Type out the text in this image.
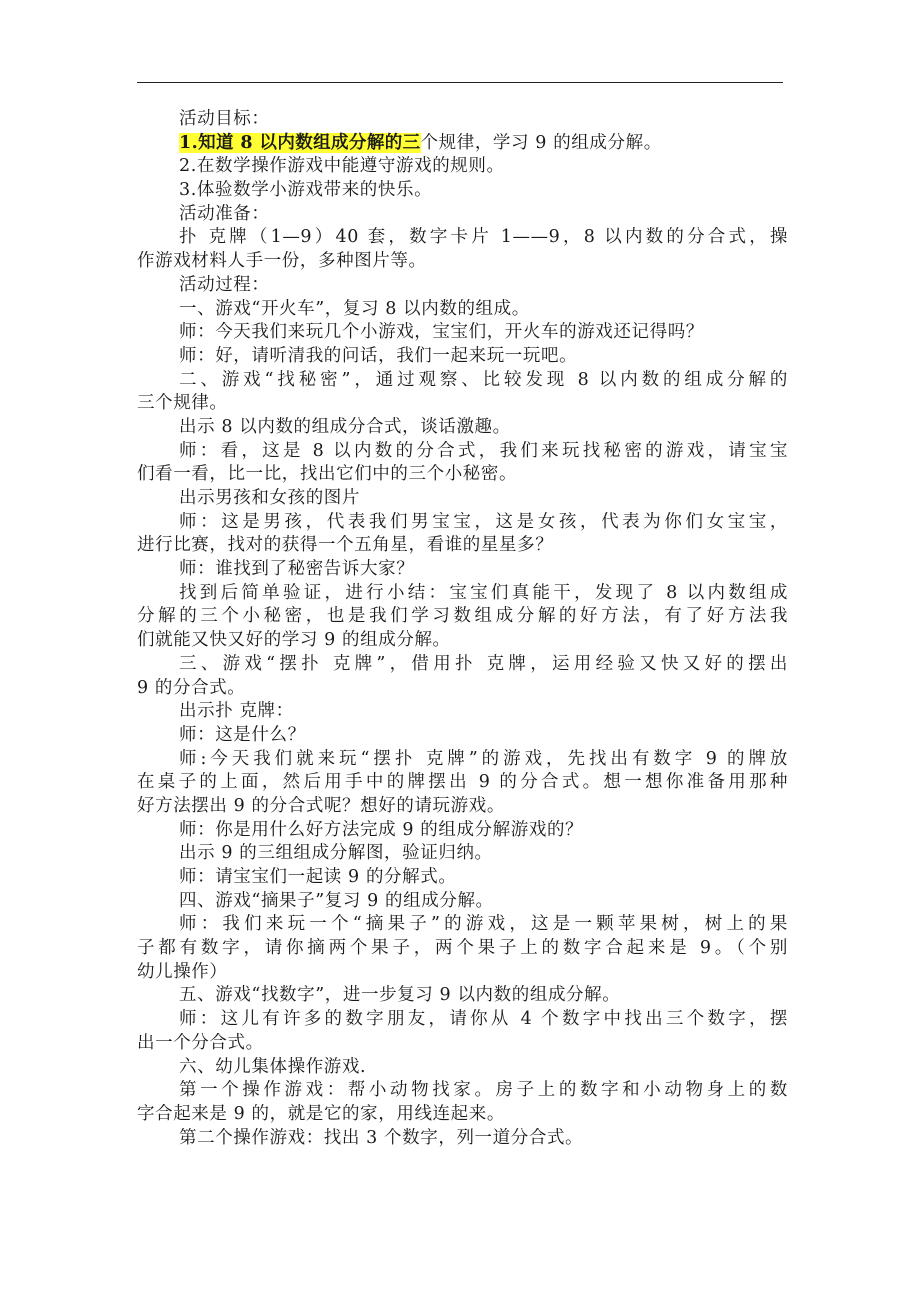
活动目标：
1.知道 8 以内数组成分解的三个规律，学习 9 的组成分解。
2.在数学操作游戏中能遵守游戏的规则。
3.体验数学小游戏带来的快乐。
活动准备：
扑 克牌（1—9）40 套，数字卡片 1——9，8 以内数的分合式，操
作游戏材料人手一份，多种图片等。
活动过程：
一、游戏“开火车”，复习 8 以内数的组成。
师：今天我们来玩几个小游戏，宝宝们，开火车的游戏还记得吗？
师：好，请听清我的问话，我们一起来玩一玩吧。
二、游戏“找秘密”，通过观察、比较发现 8 以内数的组成分解的
三个规律。
出示 8 以内数的组成分合式，谈话激趣。
师：看，这是 8 以内数的分合式，我们来玩找秘密的游戏，请宝宝
们看一看，比一比，找出它们中的三个小秘密。
出示男孩和女孩的图片
师：这是男孩，代表我们男宝宝，这是女孩，代表为你们女宝宝，
进行比赛，找对的获得一个五角星，看谁的星星多？
师：谁找到了秘密告诉大家？
找到后简单验证，进行小结：宝宝们真能干，发现了 8 以内数组成
分解的三个小秘密，也是我们学习数组成分解的好方法，有了好方法我
们就能又快又好的学习 9 的组成分解。
三、游戏“摆扑 克牌”，借用扑 克牌，运用经验又快又好的摆出
9 的分合式。
出示扑 克牌：
师：这是什么？
师:今天我们就来玩“摆扑 克牌”的游戏，先找出有数字 9 的牌放
在桌子的上面，然后用手中的牌摆出 9 的分合式。想一想你准备用那种
好方法摆出 9 的分合式呢？想好的请玩游戏。
师：你是用什么好方法完成 9 的组成分解游戏的？
出示 9 的三组组成分解图，验证归纳。
师：请宝宝们一起读 9 的分解式。
四、游戏“摘果子”复习 9 的组成分解。
师：我们来玩一个“摘果子”的游戏，这是一颗苹果树，树上的果
子都有数字，请你摘两个果子，两个果子上的数字合起来是 9。（个别
幼儿操作）
五、游戏“找数字”，进一步复习 9 以内数的组成分解。
师：这儿有许多的数字朋友，请你从 4 个数字中找出三个数字，摆
出一个分合式。
六、幼儿集体操作游戏.
第一个操作游戏：帮小动物找家。房子上的数字和小动物身上的数
字合起来是 9 的，就是它的家，用线连起来。
第二个操作游戏：找出 3 个数字，列一道分合式。
